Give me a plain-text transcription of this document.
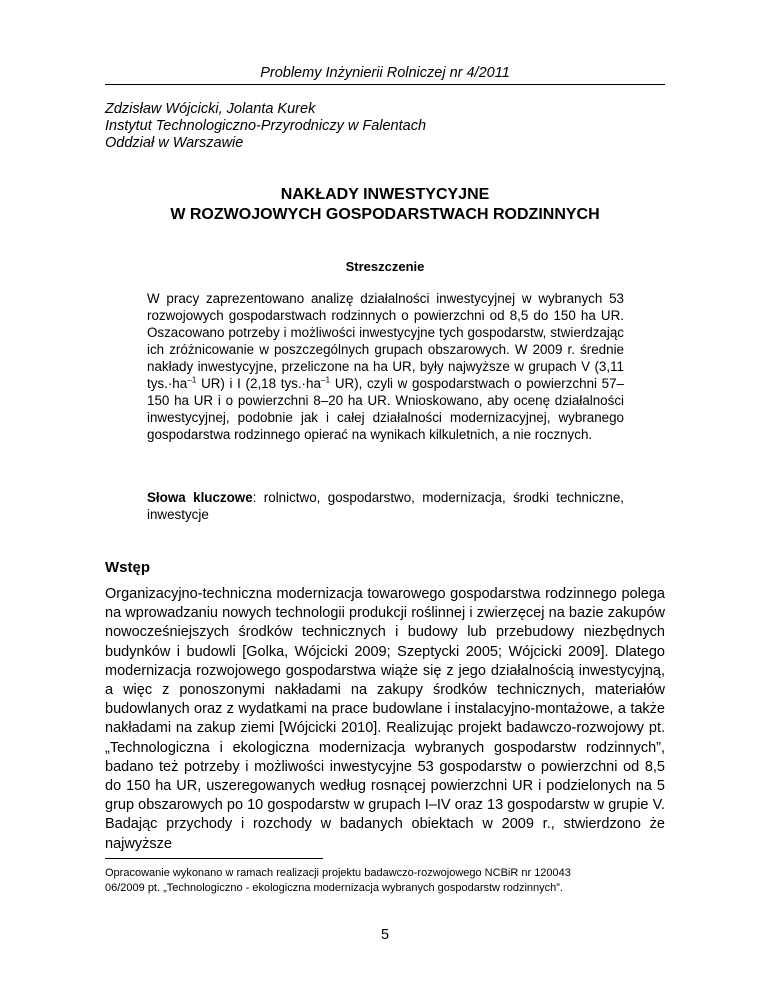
Problemy Inżynierii Rolniczej nr 4/2011
Zdzisław Wójcicki, Jolanta Kurek
Instytut Technologiczno-Przyrodniczy w Falentach
Oddział w Warszawie
NAKŁADY INWESTYCYJNE
W ROZWOJOWYCH GOSPODARSTWACH RODZINNYCH
Streszczenie

W pracy zaprezentowano analizę działalności inwestycyjnej w wybranych 53 rozwojowych gospodarstwach rodzinnych o powierzchni od 8,5 do 150 ha UR. Oszacowano potrzeby i możliwości inwestycyjne tych gospodarstw, stwierdzając ich zróżnicowanie w poszczególnych grupach obszarowych. W 2009 r. średnie nakłady inwestycyjne, przeliczone na ha UR, były najwyższe w grupach V (3,11 $tys.\cdot ha^{-1}$ UR) i I (2,18 $tys.\cdot ha^{-1}$ UR), czyli w gospodarstwach o powierzchni 57–150 ha UR i o powierzchni 8–20 ha UR. Wnioskowano, aby ocenę działalności inwestycyjnej, podobnie jak i całej działalności modernizacyjnej, wybranego gospodarstwa rodzinnego opierać na wynikach kilkuletnich, a nie rocznych.

Słowa kluczowe: rolnictwo, gospodarstwo, modernizacja, środki techniczne, inwestycje

Wstęp

Organizacyjno-techniczna modernizacja towarowego gospodarstwa rodzinnego polega na wprowadzaniu nowych technologii produkcji roślinnej i zwierzęcej na bazie zakupów nowocześniejszych środków technicznych i budowy lub przebudowy niezbędnych budynków i budowli [Golka, Wójcicki 2009; Szeptycki 2005; Wójcicki 2009]. Dlatego modernizacja rozwojowego gospodarstwa wiąże się z jego działalnością inwestycyjną, a więc z ponoszonymi nakładami na zakupy środków technicznych, materiałów budowlanych oraz z wydatkami na prace budowlane i instalacyjno-montażowe, a także nakładami na zakup ziemi [Wójcicki 2010]. Realizując projekt badawczo-rozwojowy pt. „Technologiczna i ekologiczna modernizacja wybranych gospodarstw rodzinnych”, badano też potrzeby i możliwości inwestycyjne 53 gospodarstw o powierzchni od 8,5 do 150 ha UR, uszeregowanych według rosnącej powierzchni UR i podzielonych na 5 grup obszarowych po 10 gospodarstw w grupach I–IV oraz 13 gospodarstw w grupie V. Badając przychody i rozchody w badanych obiektach w 2009 r., stwierdzono że najwyższe

Opracowanie wykonano w ramach realizacji projektu badawczo-rozwojowego NCBiR nr 120043
06/2009 pt. „Technologiczno - ekologiczna modernizacja wybranych gospodarstw rodzinnych”.

5
